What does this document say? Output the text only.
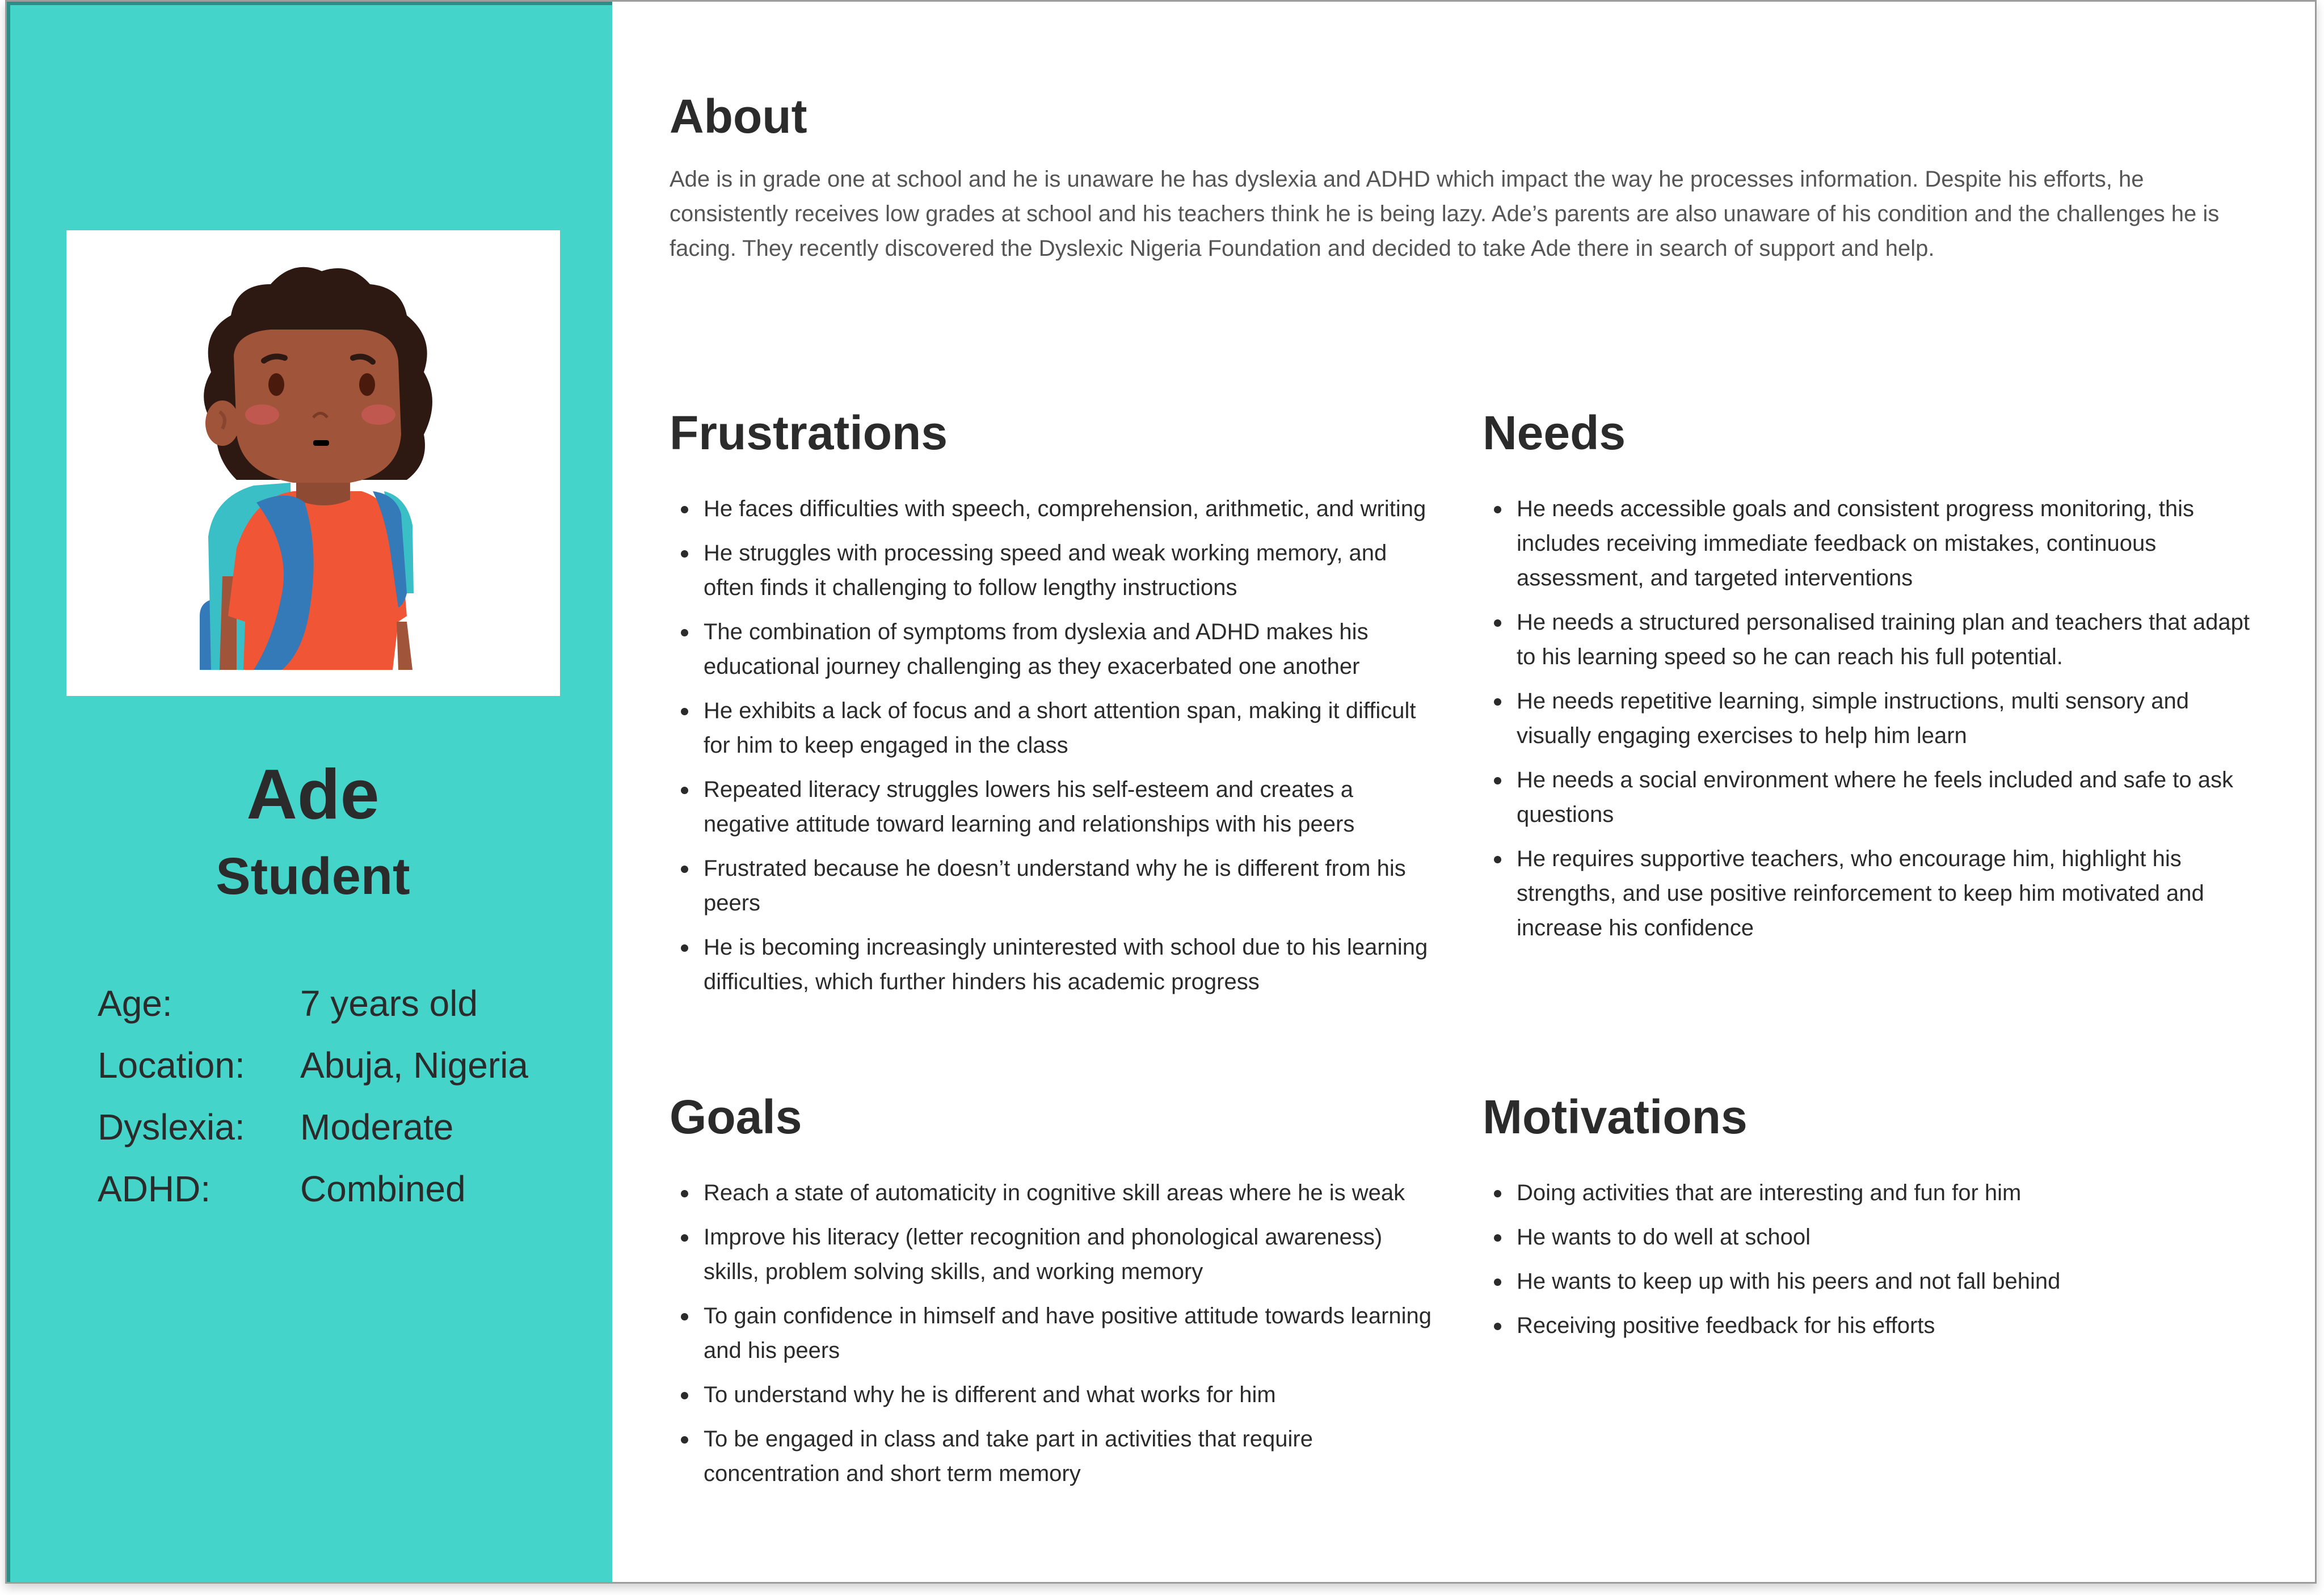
Ade
Student
Age:	7 years old
Location:	Abuja, Nigeria
Dyslexia:	Moderate
ADHD:	Combined
About

Ade is in grade one at school and he is unaware he has dyslexia and ADHD which impact the way he processes information. Despite his efforts, he consistently receives low grades at school and his teachers think he is being lazy. Ade’s parents are also unaware of his condition and the challenges he is facing. They recently discovered the Dyslexic Nigeria Foundation and decided to take Ade there in search of support and help.

Frustrations
He faces difficulties with speech, comprehension, arithmetic, and writing
He struggles with processing speed and weak working memory, and often finds it challenging to follow lengthy instructions
The combination of symptoms from dyslexia and ADHD makes his educational journey challenging as they exacerbated one another
He exhibits a lack of focus and a short attention span, making it difficult for him to keep engaged in the class
Repeated literacy struggles lowers his self-esteem and creates a negative attitude toward learning and relationships with his peers
Frustrated because he doesn’t understand why he is different from his peers
He is becoming increasingly uninterested with school due to his learning difficulties, which further hinders his academic progress
Needs
He needs accessible goals and consistent progress monitoring, this includes receiving immediate feedback on mistakes, continuous assessment, and targeted interventions
He needs a structured personalised training plan and teachers that adapt to his learning speed so he can reach his full potential.
He needs repetitive learning, simple instructions, multi sensory and visually engaging exercises to help him learn
He needs a social environment where he feels included and safe to ask questions
He requires supportive teachers, who encourage him, highlight his strengths, and use positive reinforcement to keep him motivated and increase his confidence
Goals
Reach a state of automaticity in cognitive skill areas where he is weak
Improve his literacy (letter recognition and phonological awareness) skills, problem solving skills, and working memory
To gain confidence in himself and have positive attitude towards learning and his peers
To understand why he is different and what works for him
To be engaged in class and take part in activities that require concentration and short term memory
Motivations
Doing activities that are interesting and fun for him
He wants to do well at school
He wants to keep up with his peers and not fall behind
Receiving positive feedback for his efforts
